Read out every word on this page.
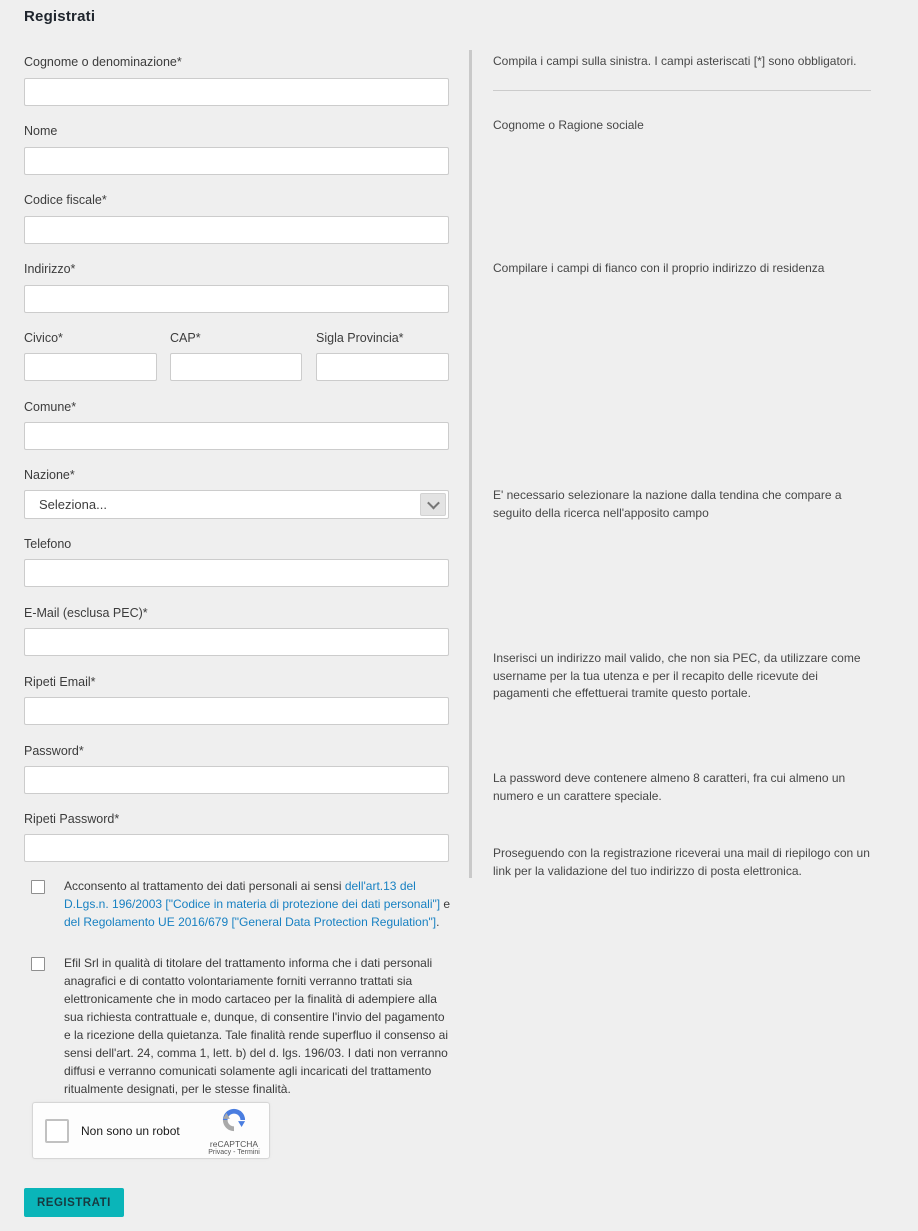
Registrati
Cognome o denominazione*
Nome
Codice fiscale*
Indirizzo*
Civico*	CAP*	Sigla Provincia*
Comune*
Nazione*
Seleziona...
Telefono
E-Mail (esclusa PEC)*
Ripeti Email*
Password*
Ripeti Password*
Acconsento al trattamento dei dati personali ai sensi dell'art.13 del D.Lgs.n. 196/2003 ["Codice in materia di protezione dei dati personali"] e del Regolamento UE 2016/679 ["General Data Protection Regulation"].
Efil Srl in qualità di titolare del trattamento informa che i dati personali anagrafici e di contatto volontariamente forniti verranno trattati sia elettronicamente che in modo cartaceo per la finalità di adempiere alla sua richiesta contrattuale e, dunque, di consentire l'invio del pagamento e la ricezione della quietanza. Tale finalità rende superfluo il consenso ai sensi dell'art. 24, comma 1, lett. b) del d. lgs. 196/03. I dati non verranno diffusi e verranno comunicati solamente agli incaricati del trattamento ritualmente designati, per le stesse finalità.
Non sono un robot
reCAPTCHA
Privacy - Termini
REGISTRATI
Compila i campi sulla sinistra. I campi asteriscati [*] sono obbligatori.
Cognome o Ragione sociale
Compilare i campi di fianco con il proprio indirizzo di residenza
E' necessario selezionare la nazione dalla tendina che compare a seguito della ricerca nell'apposito campo
Inserisci un indirizzo mail valido, che non sia PEC, da utilizzare come username per la tua utenza e per il recapito delle ricevute dei pagamenti che effettuerai tramite questo portale.
La password deve contenere almeno 8 caratteri, fra cui almeno un numero e un carattere speciale.
Proseguendo con la registrazione riceverai una mail di riepilogo con un link per la validazione del tuo indirizzo di posta elettronica.
